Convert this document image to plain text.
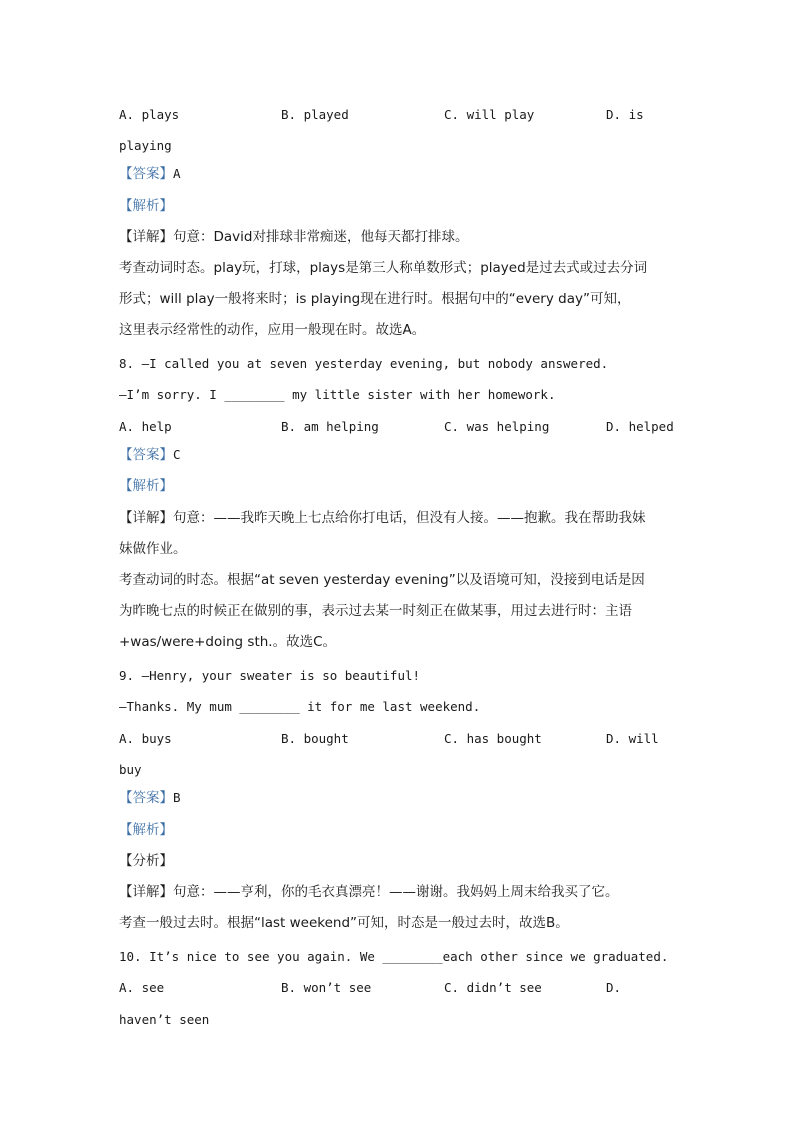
A. plays	B. played	C. will play	D. is
playing
【答案】A
【解析】
【详解】句意：David对排球非常痴迷，他每天都打排球。
考查动词时态。play玩，打球，plays是第三人称单数形式；played是过去式或过去分词
形式；will play一般将来时；is playing现在进行时。根据句中的“every day”可知，
这里表示经常性的动作，应用一般现在时。故选A。
8. —I called you at seven yesterday evening, but nobody answered.
—I’m sorry. I ________ my little sister with her homework.
A. help	B. am helping	C. was helping	D. helped
【答案】C
【解析】
【详解】句意：——我昨天晚上七点给你打电话，但没有人接。——抱歉。我在帮助我妹
妹做作业。
考查动词的时态。根据“at seven yesterday evening”以及语境可知，没接到电话是因
为昨晚七点的时候正在做别的事，表示过去某一时刻正在做某事，用过去进行时：主语
+was/were+doing sth.。故选C。
9. —Henry, your sweater is so beautiful!
—Thanks. My mum ________ it for me last weekend.
A. buys	B. bought	C. has bought	D. will
buy
【答案】B
【解析】
【分析】
【详解】句意：——亨利，你的毛衣真漂亮！——谢谢。我妈妈上周末给我买了它。
考查一般过去时。根据“last weekend”可知，时态是一般过去时，故选B。
10. It’s nice to see you again. We ________each other since we graduated.
A. see	B. won’t see	C. didn’t see	D.
haven’t seen
